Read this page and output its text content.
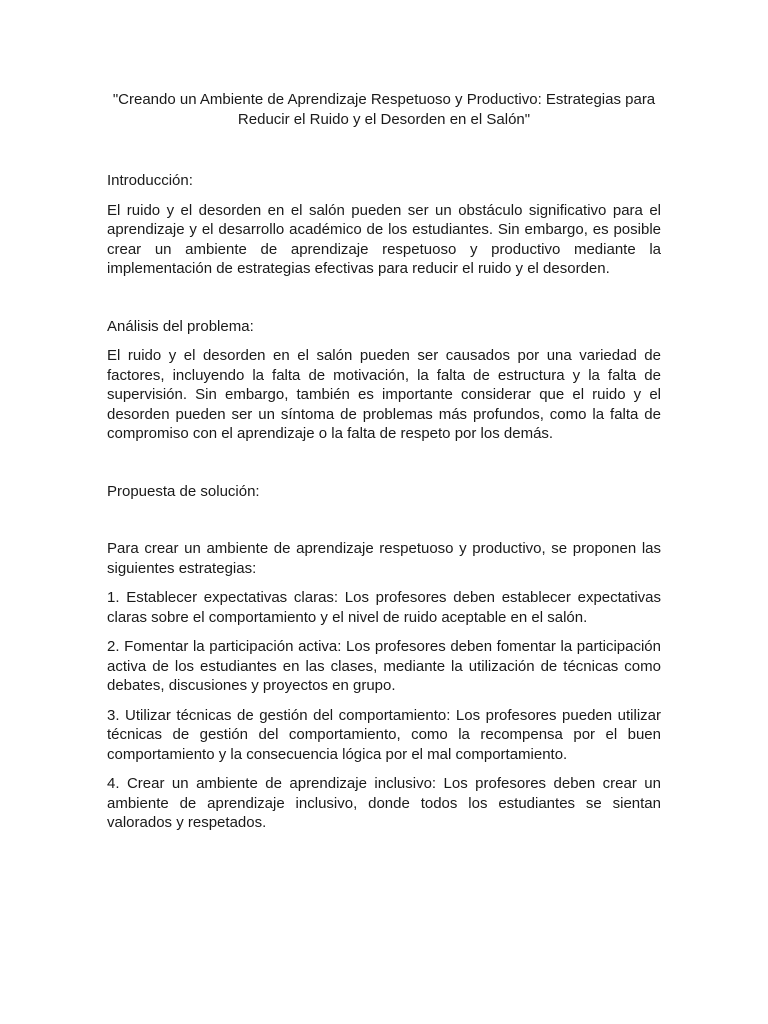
"Creando un Ambiente de Aprendizaje Respetuoso y Productivo: Estrategias para Reducir el Ruido y el Desorden en el Salón"
Introducción:

El ruido y el desorden en el salón pueden ser un obstáculo significativo para el aprendizaje y el desarrollo académico de los estudiantes. Sin embargo, es posible crear un ambiente de aprendizaje respetuoso y productivo mediante la implementación de estrategias efectivas para reducir el ruido y el desorden.

Análisis del problema:

El ruido y el desorden en el salón pueden ser causados por una variedad de factores, incluyendo la falta de motivación, la falta de estructura y la falta de supervisión. Sin embargo, también es importante considerar que el ruido y el desorden pueden ser un síntoma de problemas más profundos, como la falta de compromiso con el aprendizaje o la falta de respeto por los demás.

Propuesta de solución:

Para crear un ambiente de aprendizaje respetuoso y productivo, se proponen las siguientes estrategias:

1. Establecer expectativas claras: Los profesores deben establecer expectativas claras sobre el comportamiento y el nivel de ruido aceptable en el salón.

2. Fomentar la participación activa: Los profesores deben fomentar la participación activa de los estudiantes en las clases, mediante la utilización de técnicas como debates, discusiones y proyectos en grupo.

3. Utilizar técnicas de gestión del comportamiento: Los profesores pueden utilizar técnicas de gestión del comportamiento, como la recompensa por el buen comportamiento y la consecuencia lógica por el mal comportamiento.

4. Crear un ambiente de aprendizaje inclusivo: Los profesores deben crear un ambiente de aprendizaje inclusivo, donde todos los estudiantes se sientan valorados y respetados.
